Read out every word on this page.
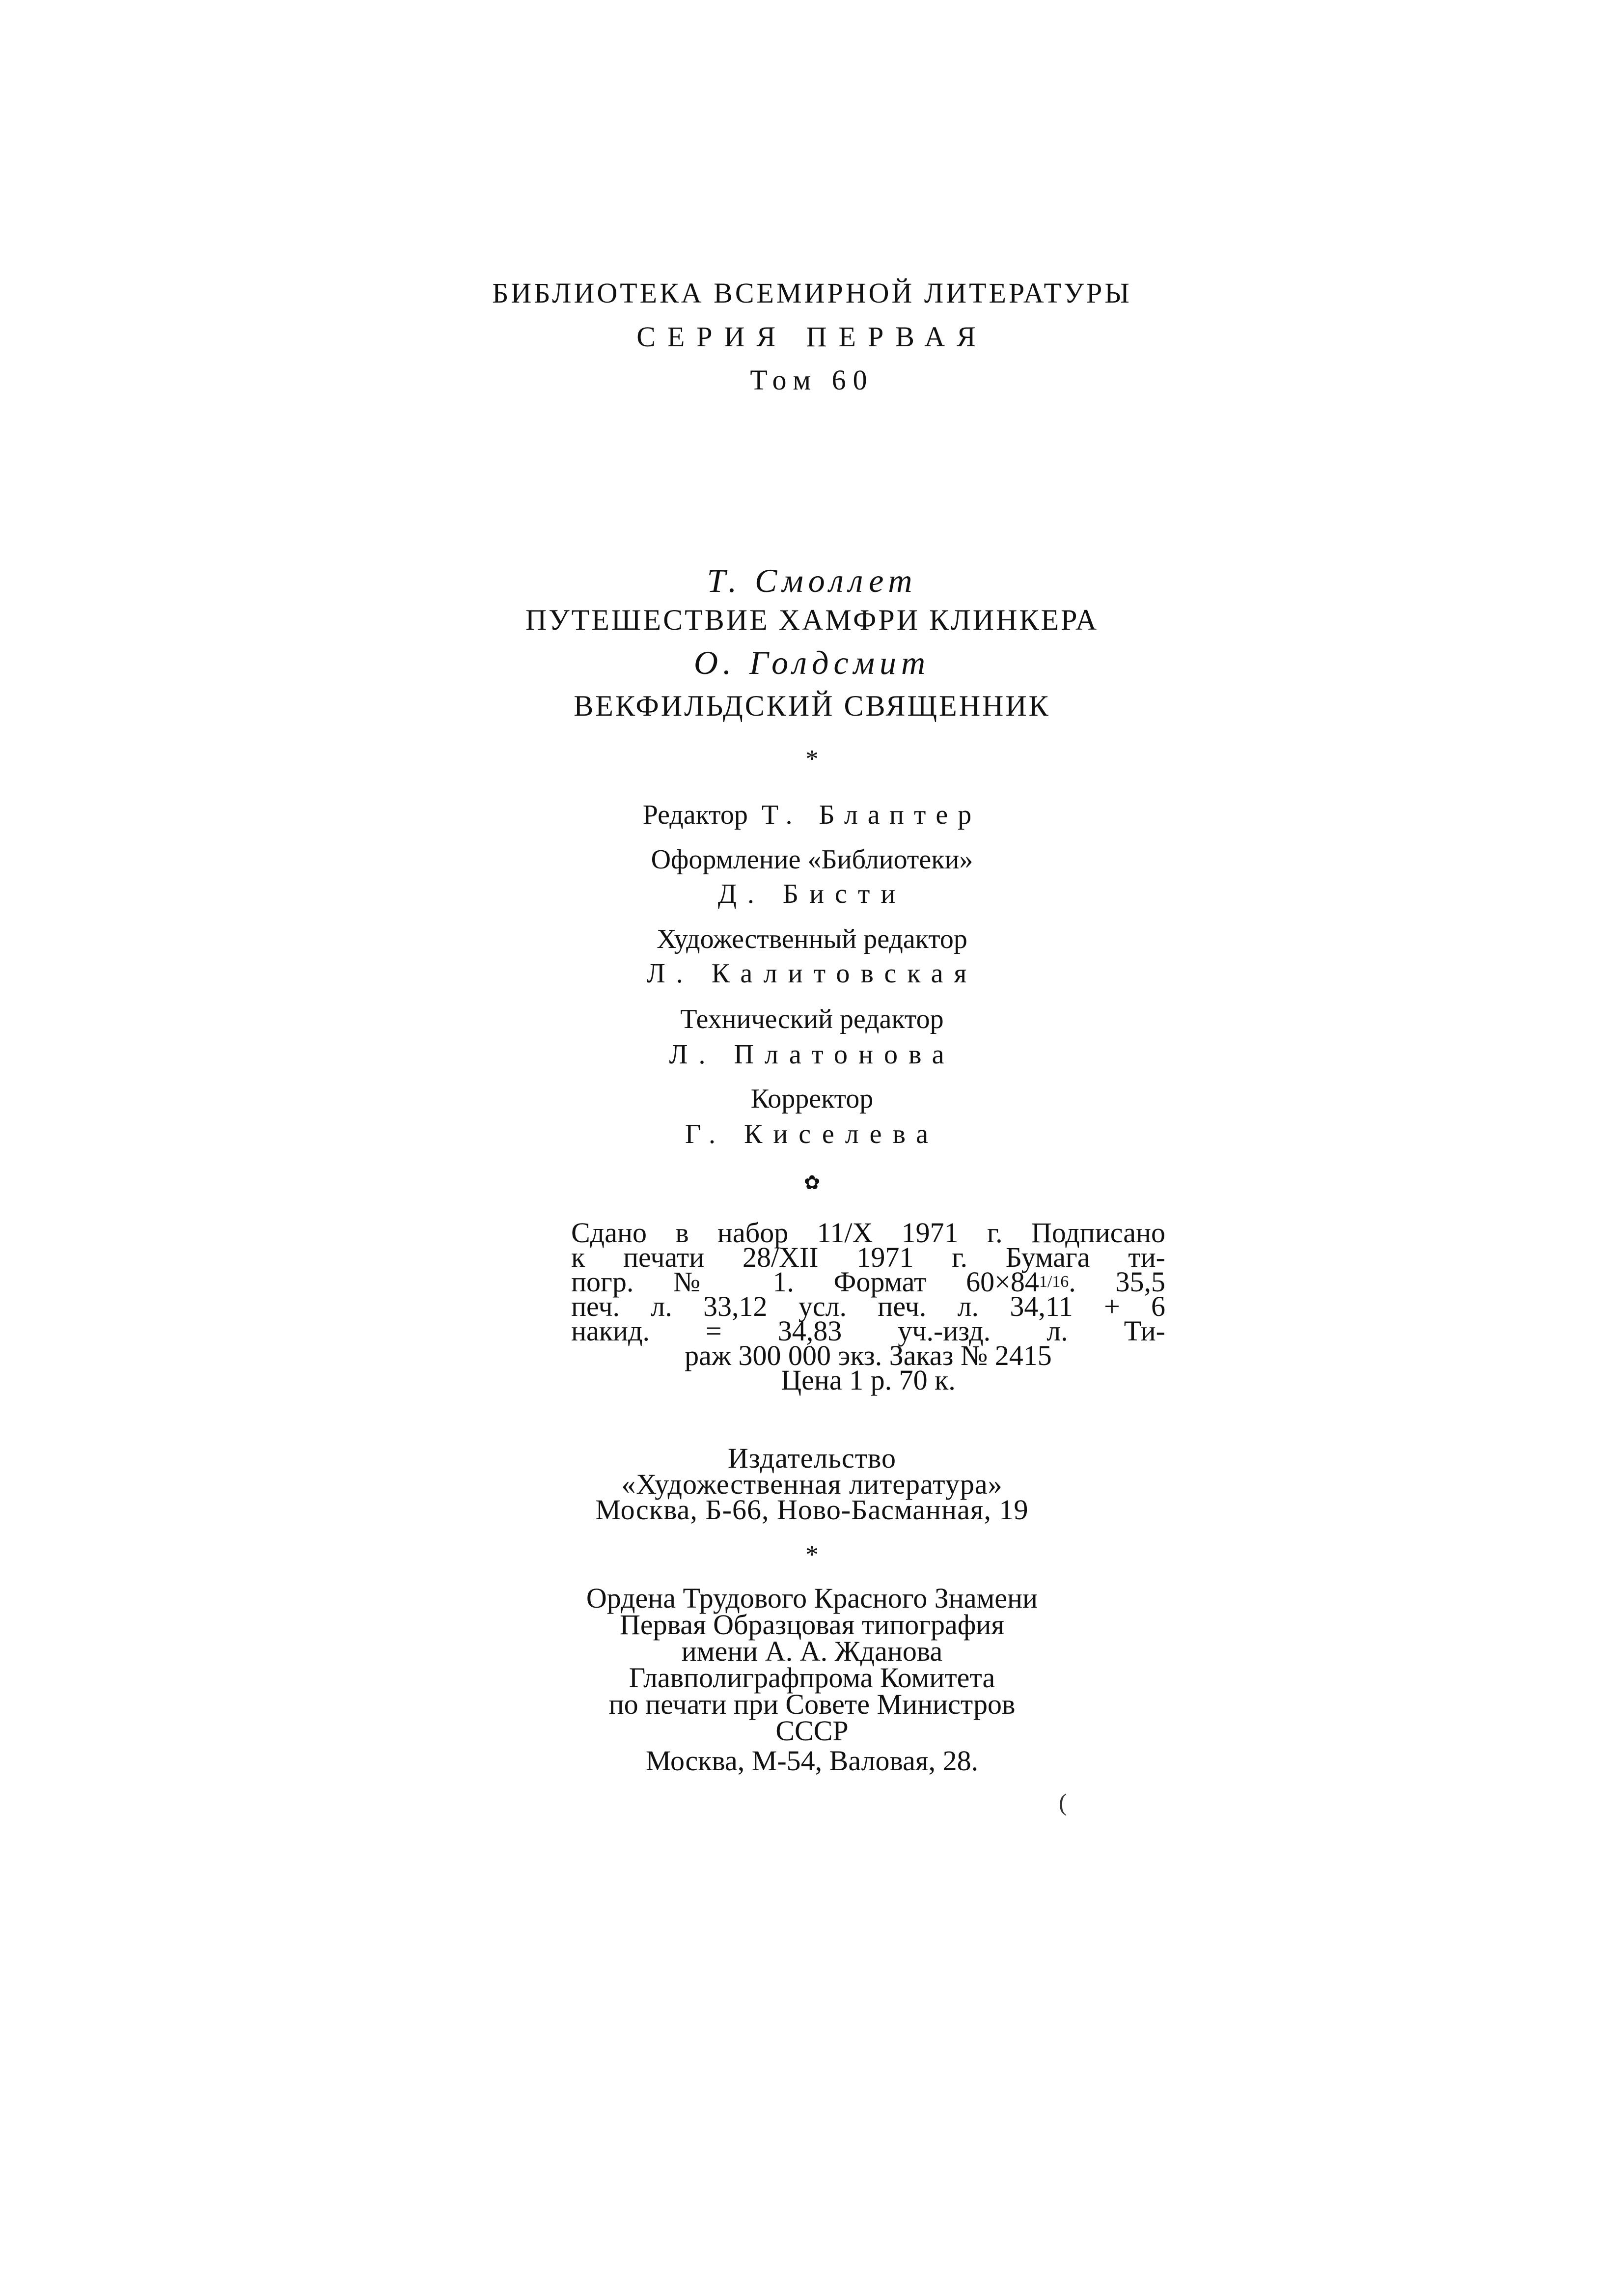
БИБЛИОТЕКА ВСЕМИРНОЙ ЛИТЕРАТУРЫ
СЕРИЯ ПЕРВАЯ
Том 60
Т. Смоллет
ПУТЕШЕСТВИЕ ХАМФРИ КЛИНКЕРА
О. Голдсмит
ВЕКФИЛЬДСКИЙ СВЯЩЕННИК
*
Редактор Т. Блаптер
Оформление «Библиотеки»
Д. Бисти
Художественный редактор
Л. Калитовская
Технический редактор
Л. Платонова
Корректор
Г. Киселева
✿
Сдано в набор 11/X 1971 г. Подписано
к печати 28/XII 1971 г. Бумага ти-
погр. № 1. Формат $60\times 84^{1/16}$. 35,5
печ. л. 33,12 усл. печ. л. 34,11 + 6
накид. = 34,83 уч.-изд. л. Ти-
раж 300 000 экз. Заказ № 2415
Цена 1 р. 70 к.
Издательство
«Художественная литература»
Москва, Б-66, Ново-Басманная, 19
*
Ордена Трудового Красного Знамени
Первая Образцовая типография
имени А. А. Жданова
Главполиграфпрома Комитета
по печати при Совете Министров
СССР
Москва, М-54, Валовая, 28.
(
